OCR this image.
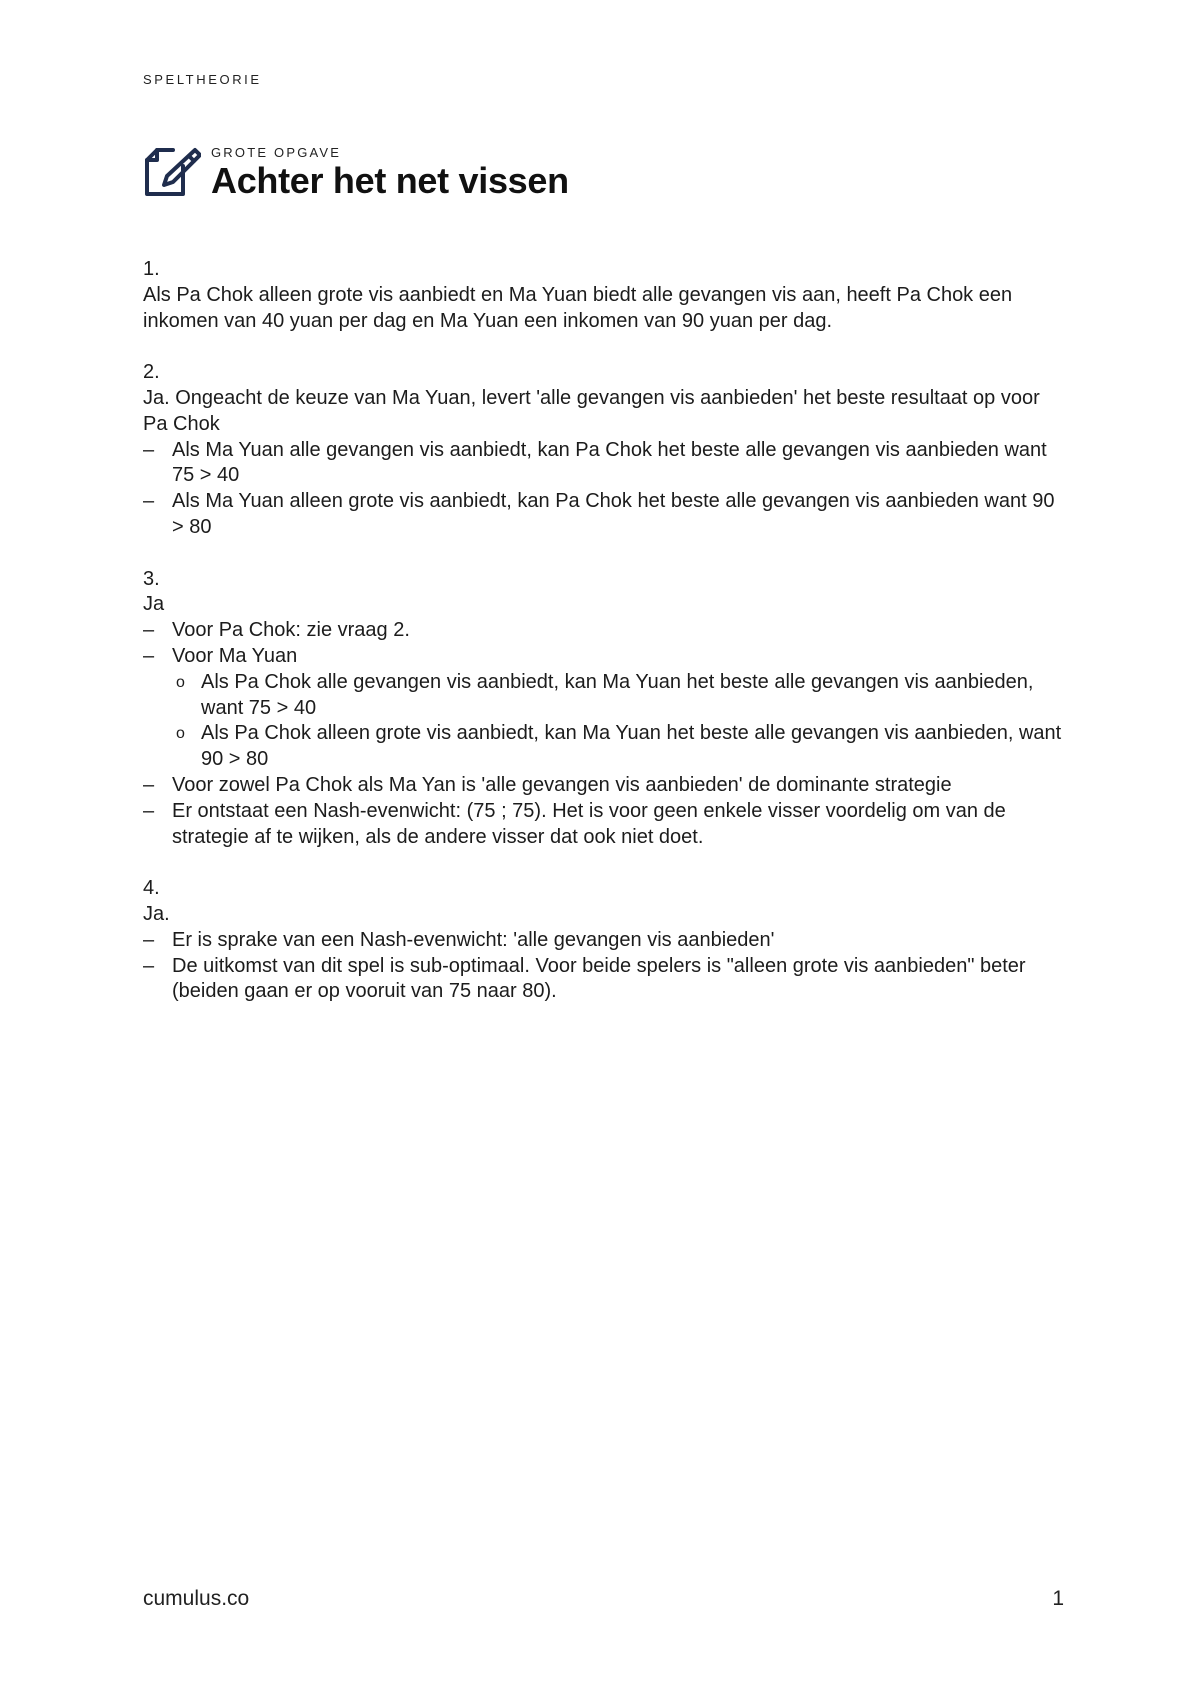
SPELTHEORIE
GROTE OPGAVE
Achter het net vissen
1.
Als Pa Chok alleen grote vis aanbiedt en Ma Yuan biedt alle gevangen vis aan, heeft Pa Chok een inkomen van 40 yuan per dag en Ma Yuan een inkomen van 90 yuan per dag.
2.
Ja. Ongeacht de keuze van Ma Yuan, levert 'alle gevangen vis aanbieden' het beste resultaat op voor Pa Chok
– Als Ma Yuan alle gevangen vis aanbiedt, kan Pa Chok het beste alle gevangen vis aanbieden want 75 > 40
– Als Ma Yuan alleen grote vis aanbiedt, kan Pa Chok het beste alle gevangen vis aanbieden want 90 > 80
3.
Ja
– Voor Pa Chok: zie vraag 2.
– Voor Ma Yuan
o Als Pa Chok alle gevangen vis aanbiedt, kan Ma Yuan het beste alle gevangen vis aanbieden, want 75 > 40
o Als Pa Chok alleen grote vis aanbiedt, kan Ma Yuan het beste alle gevangen vis aanbieden, want 90 > 80
– Voor zowel Pa Chok als Ma Yan is 'alle gevangen vis aanbieden' de dominante strategie
– Er ontstaat een Nash-evenwicht: (75 ; 75). Het is voor geen enkele visser voordelig om van de strategie af te wijken, als de andere visser dat ook niet doet.
4.
Ja.
– Er is sprake van een Nash-evenwicht: 'alle gevangen vis aanbieden'
– De uitkomst van dit spel is sub-optimaal. Voor beide spelers is "alleen grote vis aanbieden" beter (beiden gaan er op vooruit van 75 naar 80).
cumulus.co	1
